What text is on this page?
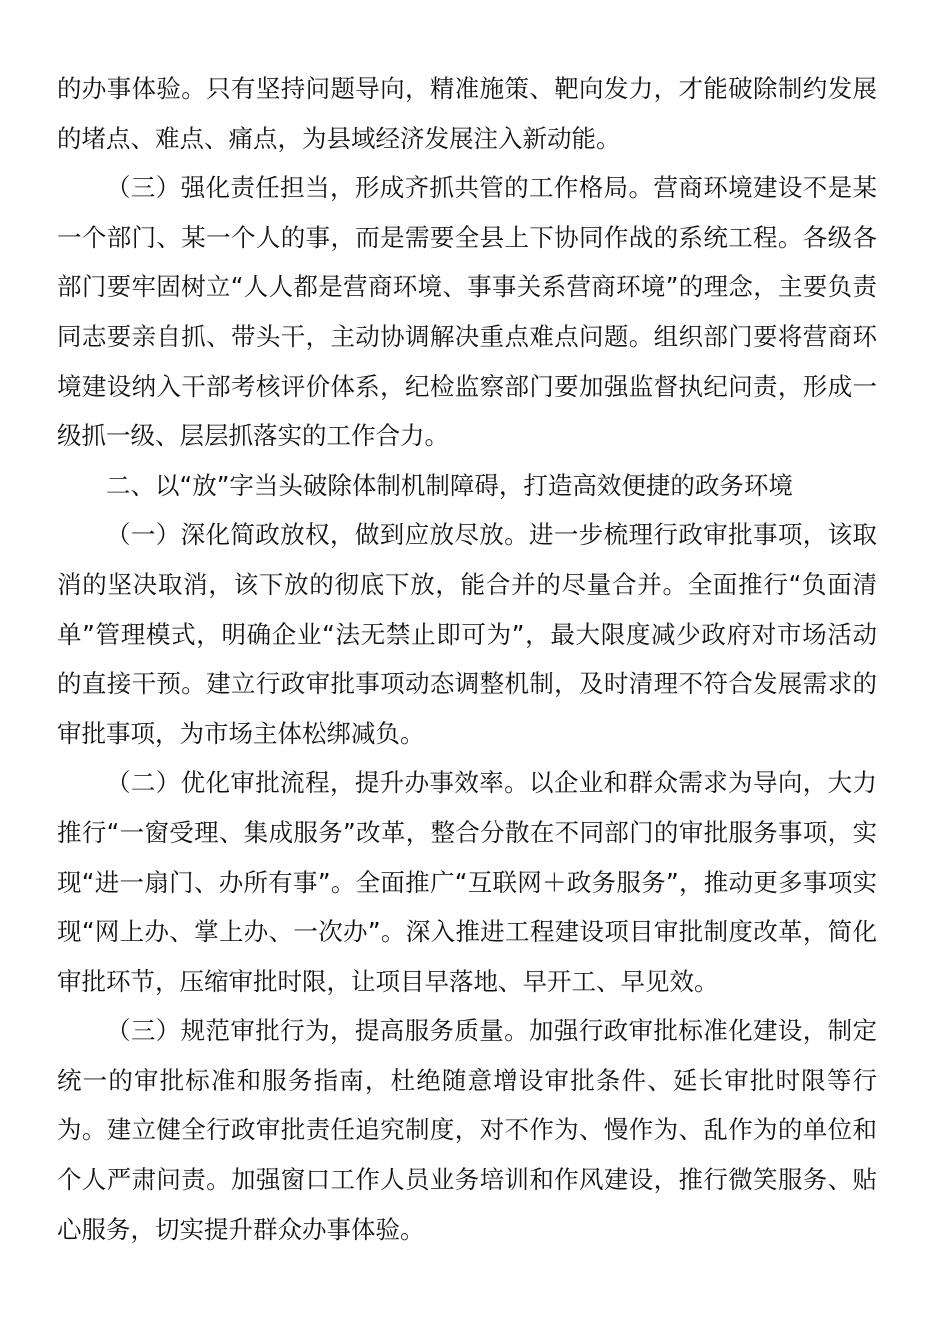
的办事体验。只有坚持问题导向，精准施策、靶向发力，才能破除制约发展的堵点、难点、痛点，为县域经济发展注入新动能。

（三）强化责任担当，形成齐抓共管的工作格局。营商环境建设不是某一个部门、某一个人的事，而是需要全县上下协同作战的系统工程。各级各部门要牢固树立“人人都是营商环境、事事关系营商环境”的理念，主要负责同志要亲自抓、带头干，主动协调解决重点难点问题。组织部门要将营商环境建设纳入干部考核评价体系，纪检监察部门要加强监督执纪问责，形成一级抓一级、层层抓落实的工作合力。

二、以“放”字当头破除体制机制障碍，打造高效便捷的政务环境

（一）深化简政放权，做到应放尽放。进一步梳理行政审批事项，该取消的坚决取消，该下放的彻底下放，能合并的尽量合并。全面推行“负面清单”管理模式，明确企业“法无禁止即可为”，最大限度减少政府对市场活动的直接干预。建立行政审批事项动态调整机制，及时清理不符合发展需求的审批事项，为市场主体松绑减负。

（二）优化审批流程，提升办事效率。以企业和群众需求为导向，大力推行“一窗受理、集成服务”改革，整合分散在不同部门的审批服务事项，实现“进一扇门、办所有事”。全面推广“互联网＋政务服务”，推动更多事项实现“网上办、掌上办、一次办”。深入推进工程建设项目审批制度改革，简化审批环节，压缩审批时限，让项目早落地、早开工、早见效。

（三）规范审批行为，提高服务质量。加强行政审批标准化建设，制定统一的审批标准和服务指南，杜绝随意增设审批条件、延长审批时限等行为。建立健全行政审批责任追究制度，对不作为、慢作为、乱作为的单位和个人严肃问责。加强窗口工作人员业务培训和作风建设，推行微笑服务、贴心服务，切实提升群众办事体验。
